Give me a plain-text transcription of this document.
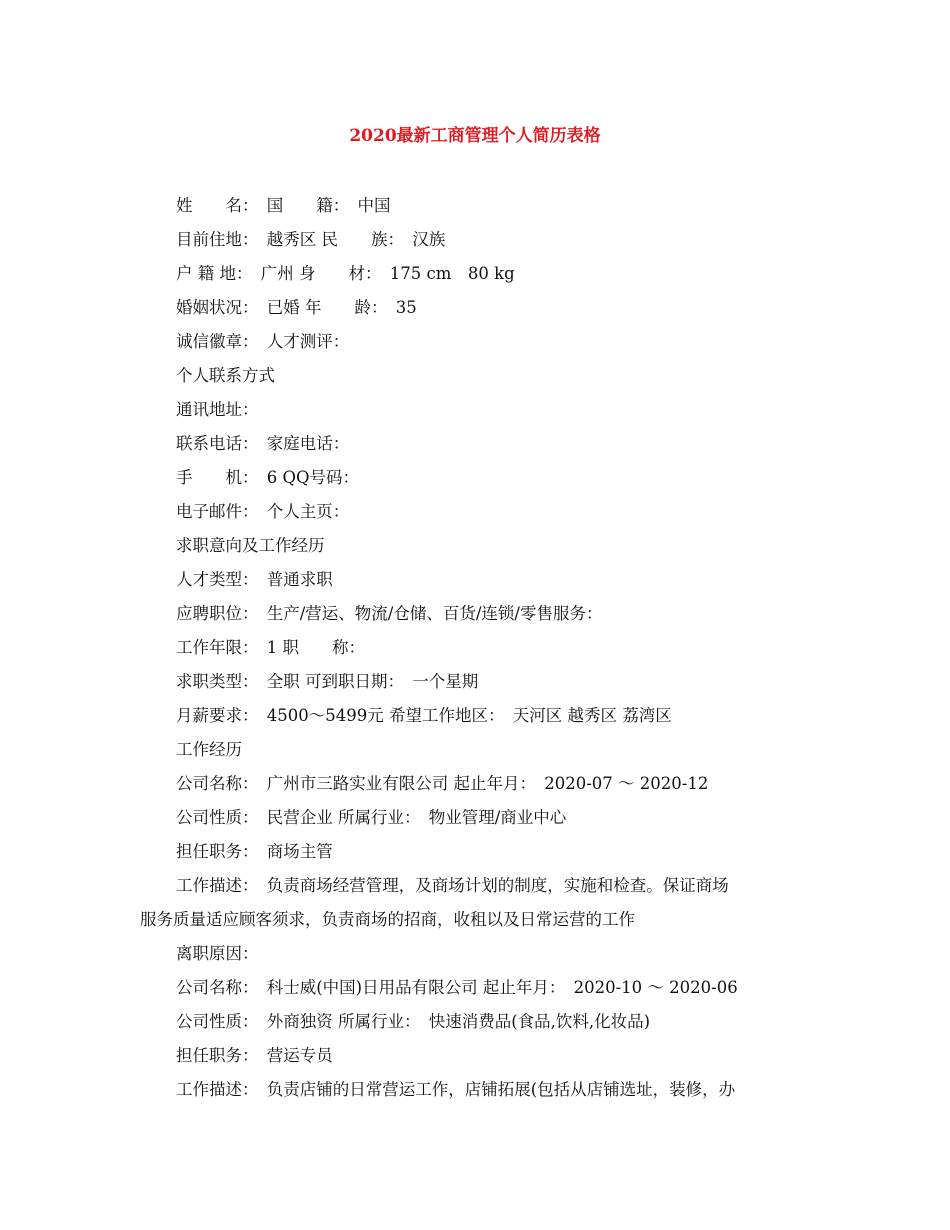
2020最新工商管理个人简历表格
姓　　名：　国　　籍：　中国
目前住地：　越秀区 民　　族：　汉族
户 籍 地：　广州 身　　材：　175 cm　80 kg
婚姻状况：　已婚 年　　龄：　35
诚信徽章：　人才测评：
个人联系方式
通讯地址：
联系电话：　家庭电话：
手　　机：　6 QQ号码：
电子邮件：　个人主页：
求职意向及工作经历
人才类型：　普通求职
应聘职位：　生产/营运、物流/仓储、百货/连锁/零售服务：
工作年限：　1 职　　称：
求职类型：　全职 可到职日期：　一个星期
月薪要求：　4500～5499元 希望工作地区：　天河区 越秀区 荔湾区
工作经历
公司名称：　广州市三路实业有限公司 起止年月：　2020-07 ～ 2020-12
公司性质：　民营企业 所属行业：　物业管理/商业中心
担任职务：　商场主管
工作描述：　负责商场经营管理，及商场计划的制度，实施和检查。保证商场
服务质量适应顾客须求，负责商场的招商，收租以及日常运营的工作
离职原因：
公司名称：　科士威(中国)日用品有限公司 起止年月：　2020-10 ～ 2020-06
公司性质：　外商独资 所属行业：　快速消费品(食品,饮料,化妆品)
担任职务：　营运专员
工作描述：　负责店铺的日常营运工作，店铺拓展(包括从店铺选址，装修，办
